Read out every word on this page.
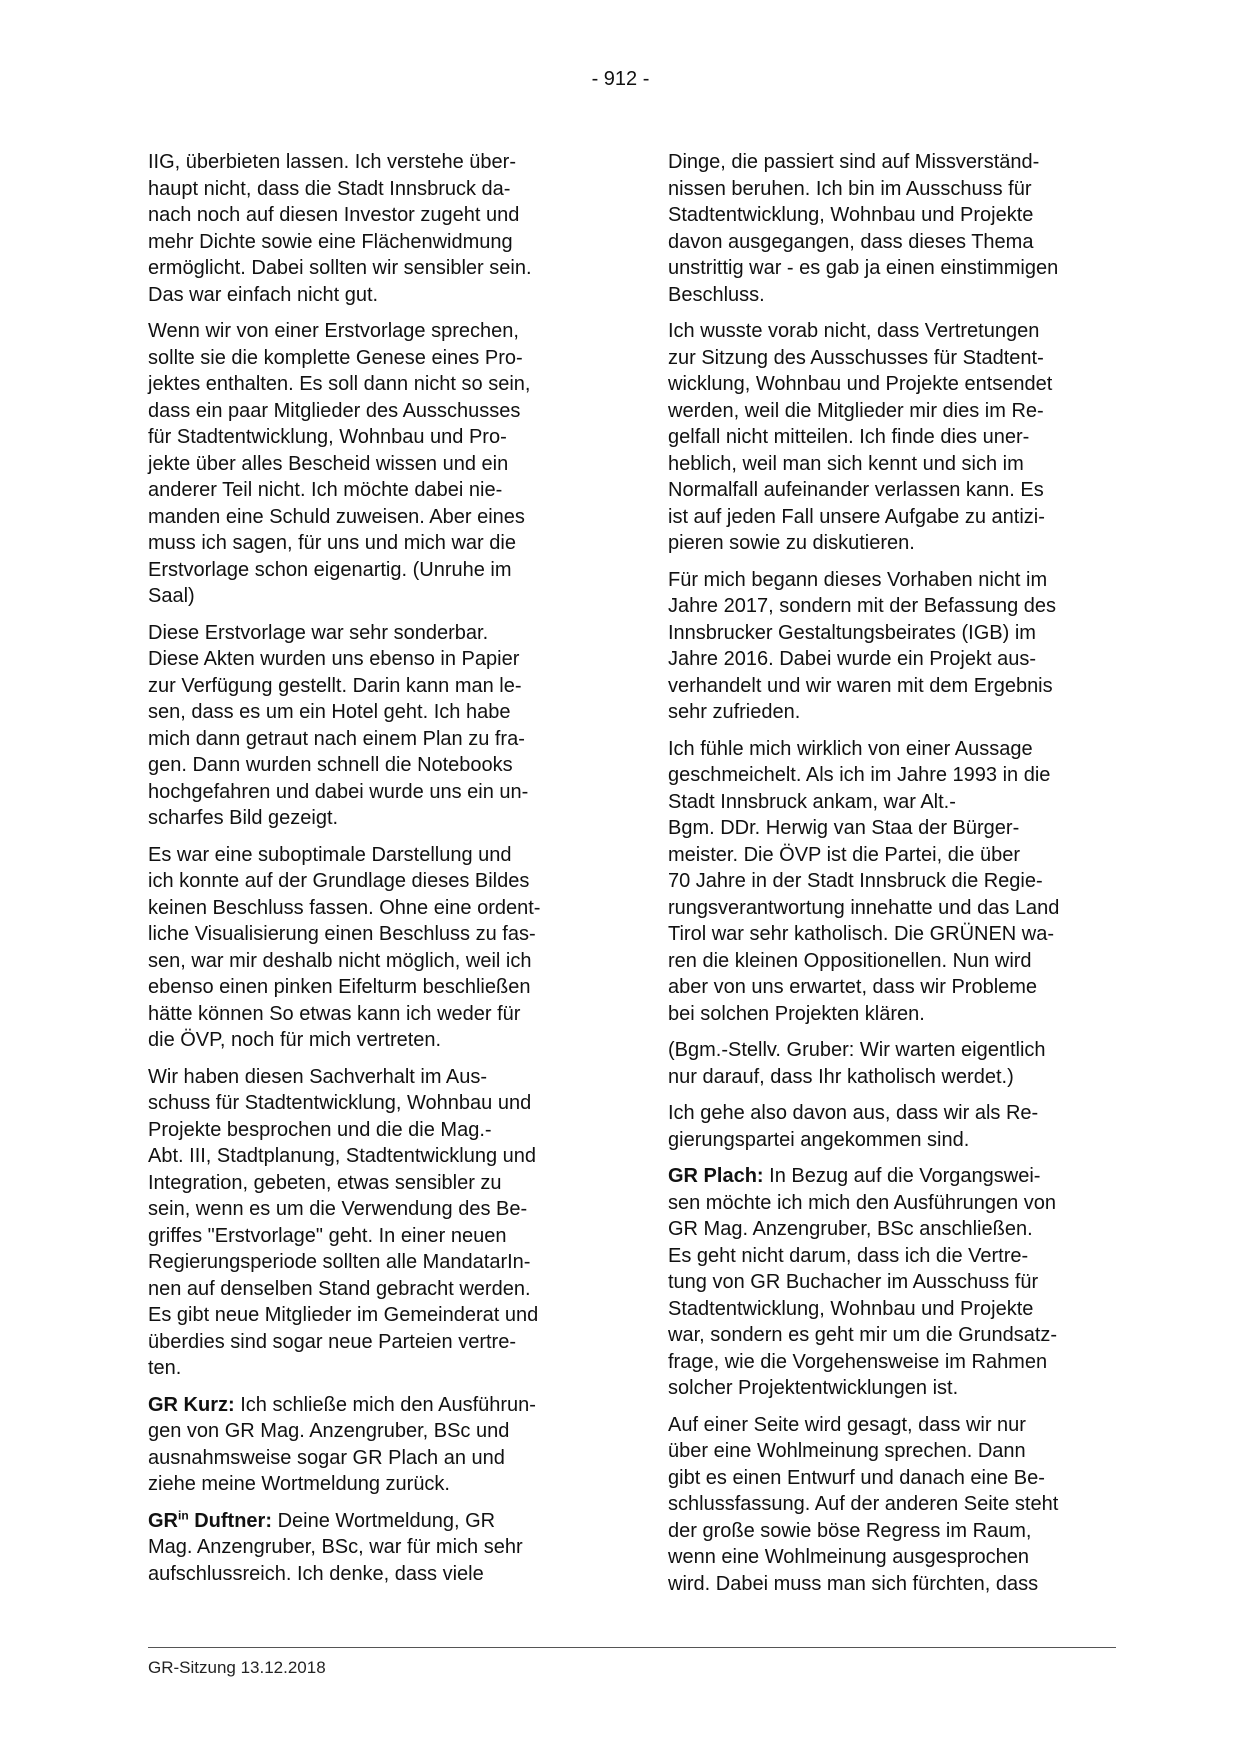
- 912 -

IIG, überbieten lassen. Ich verstehe über-
haupt nicht, dass die Stadt Innsbruck da-
nach noch auf diesen Investor zugeht und
mehr Dichte sowie eine Flächenwidmung
ermöglicht. Dabei sollten wir sensibler sein.
Das war einfach nicht gut.

Wenn wir von einer Erstvorlage sprechen,
sollte sie die komplette Genese eines Pro-
jektes enthalten. Es soll dann nicht so sein,
dass ein paar Mitglieder des Ausschusses
für Stadtentwicklung, Wohnbau und Pro-
jekte über alles Bescheid wissen und ein
anderer Teil nicht. Ich möchte dabei nie-
manden eine Schuld zuweisen. Aber eines
muss ich sagen, für uns und mich war die
Erstvorlage schon eigenartig. (Unruhe im
Saal)

Diese Erstvorlage war sehr sonderbar.
Diese Akten wurden uns ebenso in Papier
zur Verfügung gestellt. Darin kann man le-
sen, dass es um ein Hotel geht. Ich habe
mich dann getraut nach einem Plan zu fra-
gen. Dann wurden schnell die Notebooks
hochgefahren und dabei wurde uns ein un-
scharfes Bild gezeigt.

Es war eine suboptimale Darstellung und
ich konnte auf der Grundlage dieses Bildes
keinen Beschluss fassen. Ohne eine ordent-
liche Visualisierung einen Beschluss zu fas-
sen, war mir deshalb nicht möglich, weil ich
ebenso einen pinken Eifelturm beschließen
hätte können So etwas kann ich weder für
die ÖVP, noch für mich vertreten.

Wir haben diesen Sachverhalt im Aus-
schuss für Stadtentwicklung, Wohnbau und
Projekte besprochen und die die Mag.-
Abt. III, Stadtplanung, Stadtentwicklung und
Integration, gebeten, etwas sensibler zu
sein, wenn es um die Verwendung des Be-
griffes "Erstvorlage" geht. In einer neuen
Regierungsperiode sollten alle MandatarIn-
nen auf denselben Stand gebracht werden.
Es gibt neue Mitglieder im Gemeinderat und
überdies sind sogar neue Parteien vertre-
ten.

GR Kurz: Ich schließe mich den Ausführun-
gen von GR Mag. Anzengruber, BSc und
ausnahmsweise sogar GR Plach an und
ziehe meine Wortmeldung zurück.

$GR^{in}$ Duftner: Deine Wortmeldung, GR
Mag. Anzengruber, BSc, war für mich sehr
aufschlussreich. Ich denke, dass viele

Dinge, die passiert sind auf Missverständ-
nissen beruhen. Ich bin im Ausschuss für
Stadtentwicklung, Wohnbau und Projekte
davon ausgegangen, dass dieses Thema
unstrittig war - es gab ja einen einstimmigen
Beschluss.

Ich wusste vorab nicht, dass Vertretungen
zur Sitzung des Ausschusses für Stadtent-
wicklung, Wohnbau und Projekte entsendet
werden, weil die Mitglieder mir dies im Re-
gelfall nicht mitteilen. Ich finde dies uner-
heblich, weil man sich kennt und sich im
Normalfall aufeinander verlassen kann. Es
ist auf jeden Fall unsere Aufgabe zu antizi-
pieren sowie zu diskutieren.

Für mich begann dieses Vorhaben nicht im
Jahre 2017, sondern mit der Befassung des
Innsbrucker Gestaltungsbeirates (IGB) im
Jahre 2016. Dabei wurde ein Projekt aus-
verhandelt und wir waren mit dem Ergebnis
sehr zufrieden.

Ich fühle mich wirklich von einer Aussage
geschmeichelt. Als ich im Jahre 1993 in die
Stadt Innsbruck ankam, war Alt.-
Bgm. DDr. Herwig van Staa der Bürger-
meister. Die ÖVP ist die Partei, die über
70 Jahre in der Stadt Innsbruck die Regie-
rungsverantwortung innehatte und das Land
Tirol war sehr katholisch. Die GRÜNEN wa-
ren die kleinen Oppositionellen. Nun wird
aber von uns erwartet, dass wir Probleme
bei solchen Projekten klären.

(Bgm.-Stellv. Gruber: Wir warten eigentlich
nur darauf, dass Ihr katholisch werdet.)

Ich gehe also davon aus, dass wir als Re-
gierungspartei angekommen sind.

GR Plach: In Bezug auf die Vorgangswei-
sen möchte ich mich den Ausführungen von
GR Mag. Anzengruber, BSc anschließen.
Es geht nicht darum, dass ich die Vertre-
tung von GR Buchacher im Ausschuss für
Stadtentwicklung, Wohnbau und Projekte
war, sondern es geht mir um die Grundsatz-
frage, wie die Vorgehensweise im Rahmen
solcher Projektentwicklungen ist.

Auf einer Seite wird gesagt, dass wir nur
über eine Wohlmeinung sprechen. Dann
gibt es einen Entwurf und danach eine Be-
schlussfassung. Auf der anderen Seite steht
der große sowie böse Regress im Raum,
wenn eine Wohlmeinung ausgesprochen
wird. Dabei muss man sich fürchten, dass

GR-Sitzung 13.12.2018
